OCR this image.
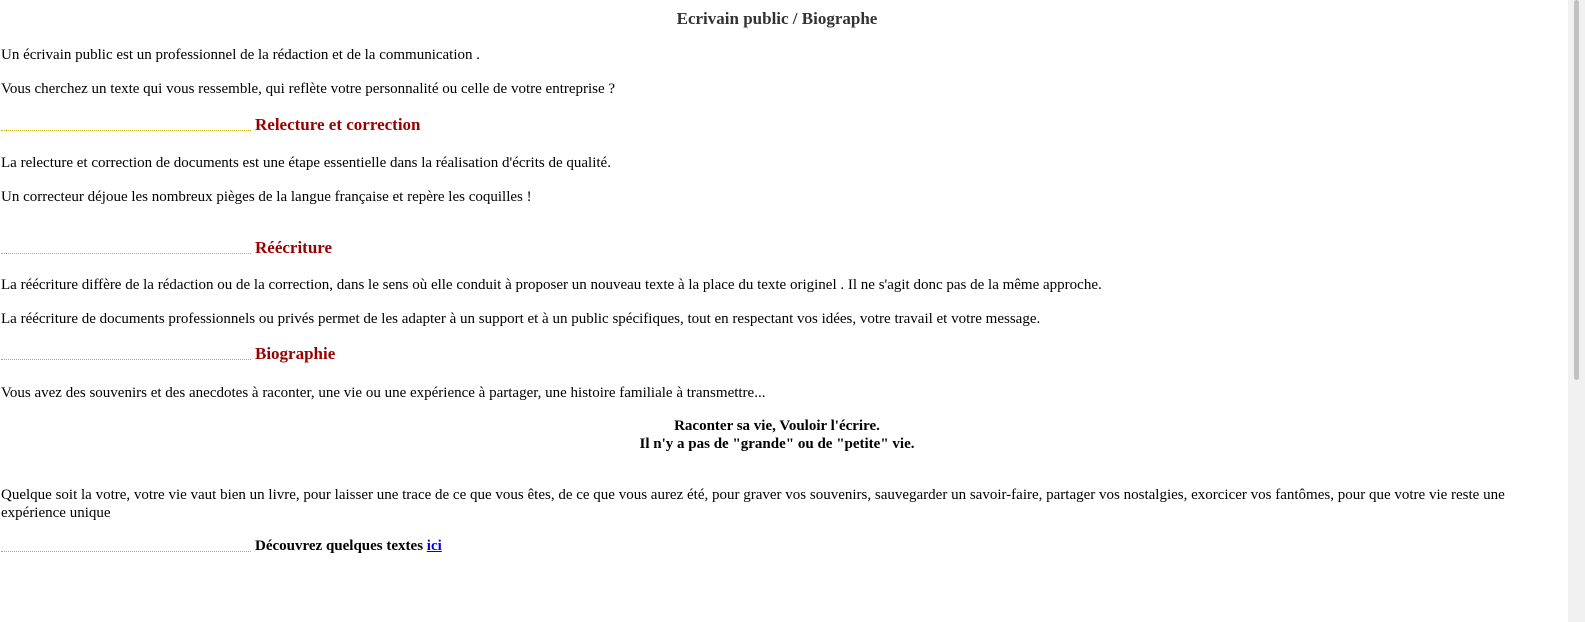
Ecrivain public / Biographe
Un écrivain public est un professionnel de la rédaction et de la communication .
Vous cherchez un texte qui vous ressemble, qui reflète votre personnalité ou celle de votre entreprise ?
Relecture et correction
La relecture et correction de documents est une étape essentielle dans la réalisation d'écrits de qualité.
Un correcteur déjoue les nombreux pièges de la langue française et repère les coquilles !
Réécriture
La réécriture diffère de la rédaction ou de la correction, dans le sens où elle conduit à proposer un nouveau texte à la place du texte originel . Il ne s'agit donc pas de la même approche.
La réécriture de documents professionnels ou privés permet de les adapter à un support et à un public spécifiques, tout en respectant vos idées, votre travail et votre message.
Biographie
Vous avez des souvenirs et des anecdotes à raconter, une vie ou une expérience à partager, une histoire familiale à transmettre...
Raconter sa vie, Vouloir l'écrire.
Il n'y a pas de "grande" ou de "petite" vie.
Quelque soit la votre, votre vie vaut bien un livre, pour laisser une trace de ce que vous êtes, de ce que vous aurez été, pour graver vos souvenirs, sauvegarder un savoir-faire, partager vos nostalgies, exorcicer vos fantômes, pour que votre vie reste une expérience unique
Découvrez quelques textes ici
